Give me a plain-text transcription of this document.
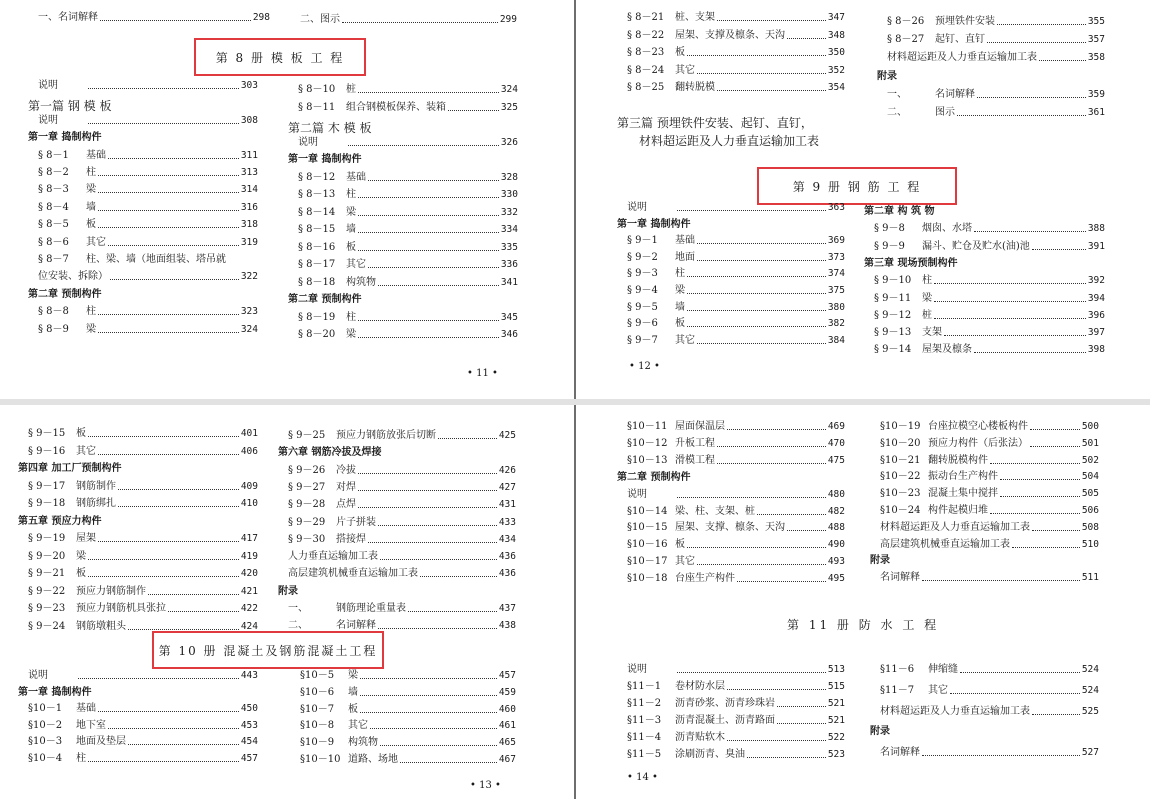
一、名词解释	298	二、图示	299
第 8 册 模 板 工 程
• 11 •
说明	303
第一篇 钢 模 板
说明	308
第一章 捣制构件
§ 8－1	基础	311
§ 8－2	柱	313
§ 8－3	梁	314
§ 8－4	墙	316
§ 8－5	板	318
§ 8－6	其它	319
§ 8－7	柱、梁、墙（地面组装、塔吊就
位安装、拆除）	322
第二章 预制构件
§ 8－8	柱	323
§ 8－9	梁	324
§ 8－10	桩	324
§ 8－11	组合钢模板保养、装箱	325
第二篇 木 模 板
说明	326
第一章 捣制构件
§ 8－12	基础	328
§ 8－13	柱	330
§ 8－14	梁	332
§ 8－15	墙	334
§ 8－16	板	335
§ 8－17	其它	336
§ 8－18	构筑物	341
第二章 预制构件
§ 8－19	柱	345
§ 8－20	梁	346
第三篇 预埋铁件安装、起钉、直钉，
材料超运距及人力垂直运输加工表
第 9 册 钢 筋 工 程
• 12 •
§ 8－21	桩、支架	347
§ 8－22	屋架、支撑及檩条、天沟	348
§ 8－23	板	350
§ 8－24	其它	352
§ 8－25	翻转脱模	354
§ 8－26	预埋铁件安装	355
§ 8－27	起钉、直钉	357
材料超运距及人力垂直运输加工表	358
附录
一、	名词解释	359
二、	图示	361
说明	363
第一章 捣制构件
§ 9－1	基础	369
§ 9－2	地面	373
§ 9－3	柱	374
§ 9－4	梁	375
§ 9－5	墙	380
§ 9－6	板	382
§ 9－7	其它	384
第二章 构 筑 物
§ 9－8	烟囱、水塔	388
§ 9－9	漏斗、贮仓及贮水(油)池	391
第三章 现场预制构件
§ 9－10	柱	392
§ 9－11	梁	394
§ 9－12	桩	396
§ 9－13	支架	397
§ 9－14	屋架及檩条	398
第 10 册 混凝土及钢筋混凝土工程
• 13 •
§ 9－15	板	401
§ 9－16	其它	406
第四章 加工厂预制构件
§ 9－17	钢筋制作	409
§ 9－18	钢筋绑扎	410
第五章 预应力构件
§ 9－19	屋架	417
§ 9－20	梁	419
§ 9－21	板	420
§ 9－22	预应力钢筋制作	421
§ 9－23	预应力钢筋机具张拉	422
§ 9－24	钢筋墩粗头	424
§ 9－25	预应力钢筋放张后切断	425
第六章 钢筋冷拔及焊接
§ 9－26	冷拔	426
§ 9－27	对焊	427
§ 9－28	点焊	431
§ 9－29	片子拼装	433
§ 9－30	搭接焊	434
人力垂直运输加工表	436
高层建筑机械垂直运输加工表	436
附录
一、	钢筋理论重量表	437
二、	名词解释	438
说明	443
第一章 捣制构件
§10－1	基础	450
§10－2	地下室	453
§10－3	地面及垫层	454
§10－4	柱	457
§10－5	梁	457
§10－6	墙	459
§10－7	板	460
§10－8	其它	461
§10－9	构筑物	465
§10－10 道路、场地	467
第 11 册 防 水 工 程
• 14 •
§10－11 屋面保温层	469
§10－12 升板工程	470
§10－13 滑模工程	475
第二章 预制构件
说明	480
§10－14 梁、柱、支架、桩	482
§10－15 屋架、支撑、檩条、天沟	488
§10－16 板	490
§10－17 其它	493
§10－18 台座生产构件	495
§10－19 台座拉模空心楼板构件	500
§10－20 预应力构件（后张法）	501
§10－21 翻转脱模构件	502
§10－22 振动台生产构件	504
§10－23 混凝土集中搅拌	505
§10－24 构件起模归堆	506
材料超运距及人力垂直运输加工表	508
高层建筑机械垂直运输加工表	510
附录
名词解释	511
说明	513
§11－1	卷材防水层	515
§11－2	沥青砂浆、沥青珍珠岩	521
§11－3	沥青混凝土、沥青路面	521
§11－4	沥青贴软木	522
§11－5	涂刷沥青、臭油	523
§11－6	伸缩缝	524
§11－7	其它	524
材料超运距及人力垂直运输加工表	525
附录
名词解释	527
